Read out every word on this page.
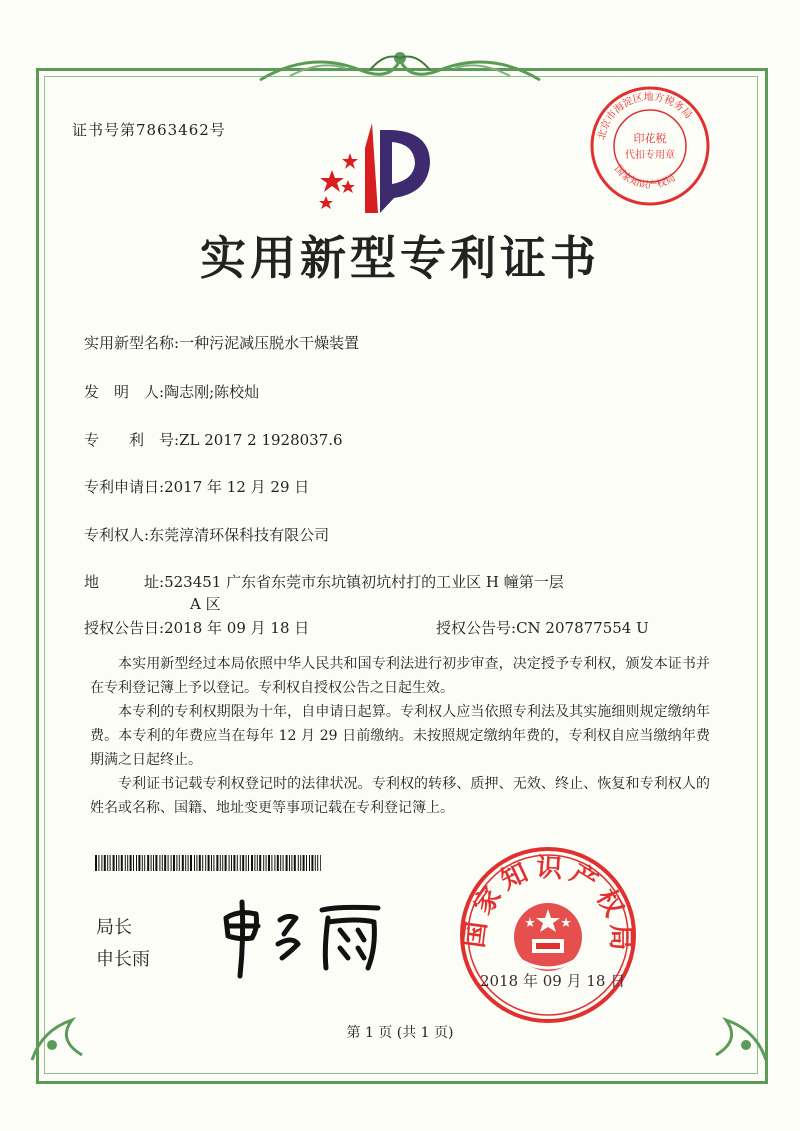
证书号第7863462号
实用新型专利证书
北京市海淀区地方税务局
国家知识产权局
印花税
代扣专用章
实用新型名称:一种污泥减压脱水干燥装置
发　明　人:陶志刚;陈校灿
专　　利　号:ZL 2017 2 1928037.6
专利申请日:2017 年 12 月 29 日
专利权人:东莞淳清环保科技有限公司
地　　　址:523451 广东省东莞市东坑镇初坑村打的工业区 H 幢第一层
A 区
授权公告日:2018 年 09 月 18 日	授权公告号:CN 207877554 U
本实用新型经过本局依照中华人民共和国专利法进行初步审查，决定授予专利权，颁发本证书并在专利登记簿上予以登记。专利权自授权公告之日起生效。
本专利的专利权期限为十年，自申请日起算。专利权人应当依照专利法及其实施细则规定缴纳年费。本专利的年费应当在每年 12 月 29 日前缴纳。未按照规定缴纳年费的，专利权自应当缴纳年费期满之日起终止。
专利证书记载专利权登记时的法律状况。专利权的转移、质押、无效、终止、恢复和专利权人的姓名或名称、国籍、地址变更等事项记载在专利登记簿上。
局长
申长雨
国家知识产权局
2018 年 09 月 18 日
第 1 页 (共 1 页)
